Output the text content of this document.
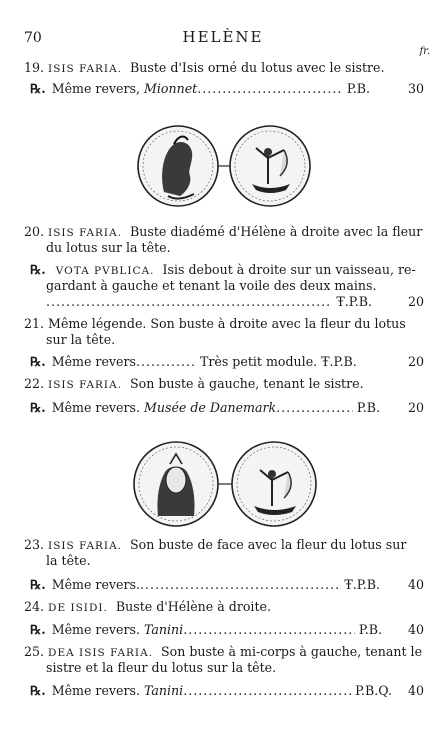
70	HELÈNE
fr.
19. ISIS FARIA. Buste d'Isis orné du lotus avec le sistre.
℞. Même revers,
Mionnet .....	P.B.	30
•
20. ISIS FARIA. Buste diadémé d'Hélène à droite avec la fleur
du lotus sur la tête.
℞. VOTA PVBLICA. Isis debout à droite sur un vaisseau, re-
gardant à gauche et tenant la voile des deux mains.
.....
Ŧ.P.B.	20
21. Même légende. Son buste à droite avec la fleur du lotus
sur la tête.
℞. Même revers .....	Très petit module. Ŧ.P.B.	20
22. ISIS FARIA. Son buste à gauche, tenant le sistre.
℞. Même revers.
Musée de Danemark .....	P.B. 20
23. ISIS FARIA. Son buste de face avec la fleur du lotus sur
la tête.
℞. Même revers. .....	Ŧ.P.B. 40
24. DE ISIDI. Buste d'Hélène à droite.
℞. Même revers.
Tanini .....	P.B. 40
25. DEA ISIS FARIA. Son buste à mi-corps à gauche, tenant le
sistre et la fleur du lotus sur la tête.
℞. Même revers.
Tanini .....	P.B.Q. 40
